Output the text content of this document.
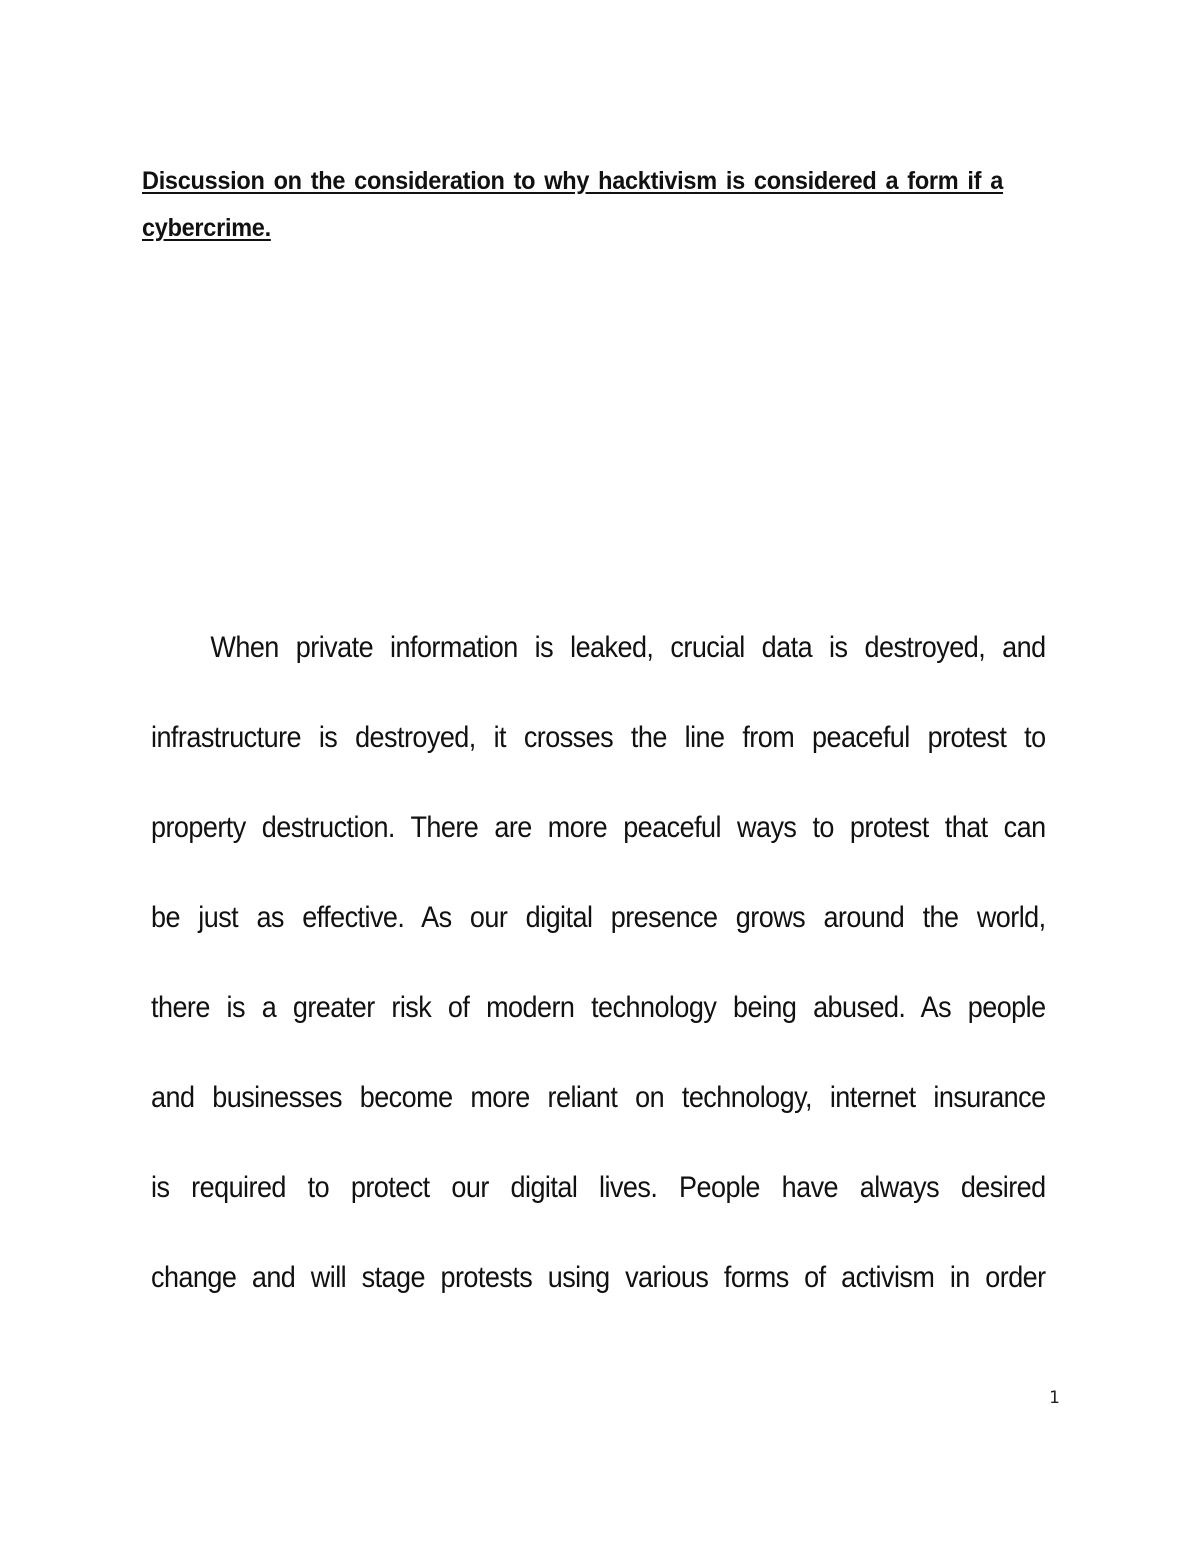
Discussion on the consideration to why hacktivism is considered a form if a cybercrime.

When private information is leaked, crucial data is destroyed, and
infrastructure is destroyed, it crosses the line from peaceful protest to
property destruction. There are more peaceful ways to protest that can
be just as effective. As our digital presence grows around the world,
there is a greater risk of modern technology being abused. As people
and businesses become more reliant on technology, internet insurance
is required to protect our digital lives. People have always desired
change and will stage protests using various forms of activism in order
1
